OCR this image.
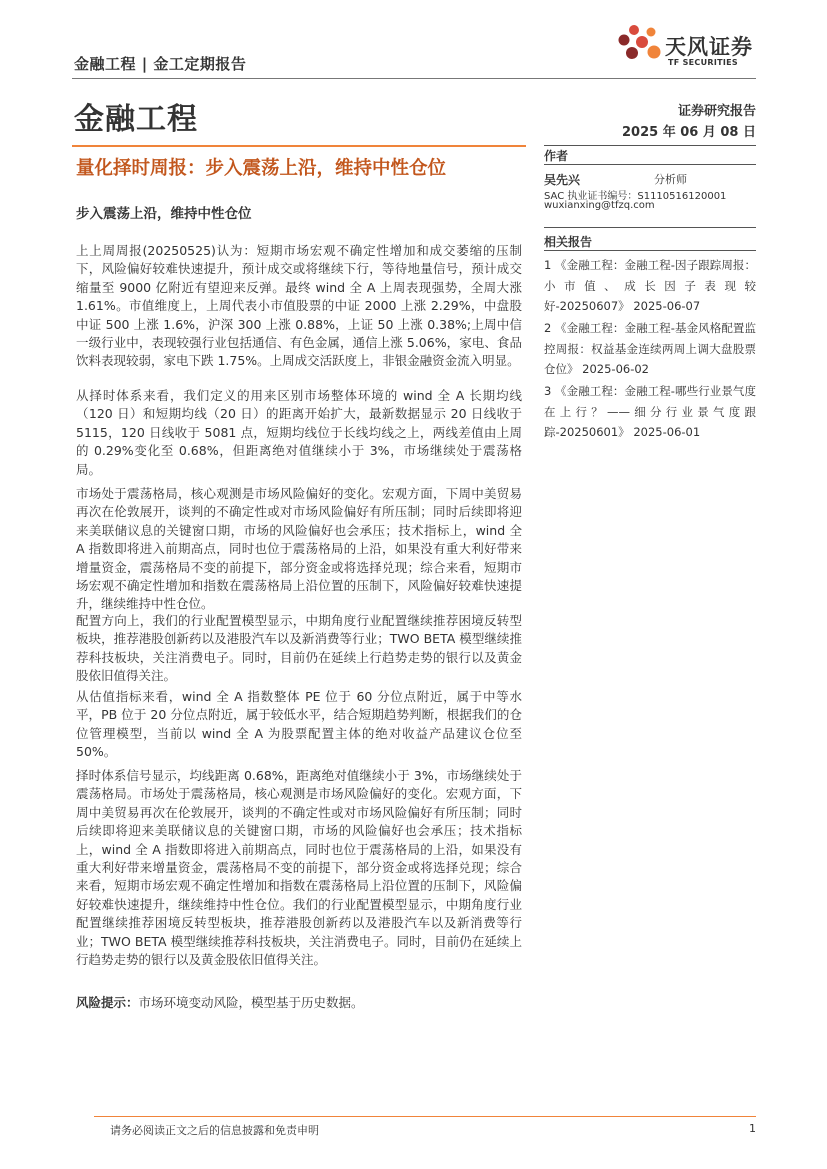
金融工程 | 金工定期报告
天风证券
TF SECURITIES
金融工程	证券研究报告
2025 年 06 月 08 日
量化择时周报：步入震荡上沿，维持中性仓位
步入震荡上沿，维持中性仓位

上上周周报(20250525)认为：短期市场宏观不确定性增加和成交萎缩的压制下，风险偏好较难快速提升，预计成交或将继续下行，等待地量信号，预计成交缩量至 9000 亿附近有望迎来反弹。最终 wind 全 A 上周表现强势，全周大涨 1.61%。市值维度上，上周代表小市值股票的中证 2000 上涨 2.29%，中盘股中证 500 上涨 1.6%，沪深 300 上涨 0.88%，上证 50 上涨 0.38%;上周中信一级行业中，表现较强行业包括通信、有色金属，通信上涨 5.06%，家电、食品饮料表现较弱，家电下跌 1.75%。上周成交活跃度上，非银金融资金流入明显。

从择时体系来看，我们定义的用来区别市场整体环境的 wind 全 A 长期均线（120 日）和短期均线（20 日）的距离开始扩大，最新数据显示 20 日线收于 5115，120 日线收于 5081 点，短期均线位于长线均线之上，两线差值由上周的 0.29%变化至 0.68%，但距离绝对值继续小于 3%，市场继续处于震荡格局。

市场处于震荡格局，核心观测是市场风险偏好的变化。宏观方面，下周中美贸易再次在伦敦展开，谈判的不确定性或对市场风险偏好有所压制；同时后续即将迎来美联储议息的关键窗口期，市场的风险偏好也会承压；技术指标上，wind 全 A 指数即将进入前期高点，同时也位于震荡格局的上沿，如果没有重大利好带来增量资金，震荡格局不变的前提下，部分资金或将选择兑现；综合来看，短期市场宏观不确定性增加和指数在震荡格局上沿位置的压制下，风险偏好较难快速提升，继续维持中性仓位。

配置方向上，我们的行业配置模型显示，中期角度行业配置继续推荐困境反转型板块，推荐港股创新药以及港股汽车以及新消费等行业；TWO BETA 模型继续推荐科技板块，关注消费电子。同时，目前仍在延续上行趋势走势的银行以及黄金股依旧值得关注。

从估值指标来看，wind 全 A 指数整体 PE 位于 60 分位点附近，属于中等水平，PB 位于 20 分位点附近，属于较低水平，结合短期趋势判断，根据我们的仓位管理模型，当前以 wind 全 A 为股票配置主体的绝对收益产品建议仓位至 50%。

择时体系信号显示，均线距离 0.68%，距离绝对值继续小于 3%，市场继续处于震荡格局。市场处于震荡格局，核心观测是市场风险偏好的变化。宏观方面，下周中美贸易再次在伦敦展开，谈判的不确定性或对市场风险偏好有所压制；同时后续即将迎来美联储议息的关键窗口期，市场的风险偏好也会承压；技术指标上，wind 全 A 指数即将进入前期高点，同时也位于震荡格局的上沿，如果没有重大利好带来增量资金，震荡格局不变的前提下，部分资金或将选择兑现；综合来看，短期市场宏观不确定性增加和指数在震荡格局上沿位置的压制下，风险偏好较难快速提升，继续维持中性仓位。我们的行业配置模型显示，中期角度行业配置继续推荐困境反转型板块，推荐港股创新药以及港股汽车以及新消费等行业；TWO BETA 模型继续推荐科技板块，关注消费电子。同时，目前仍在延续上行趋势走势的银行以及黄金股依旧值得关注。

风险提示：市场环境变动风险，模型基于历史数据。
作者
吴先兴	分析师
SAC 执业证书编号：S1110516120001
wuxianxing@tfzq.com
相关报告

1 《金融工程：金融工程-因子跟踪周报：小市值、成长因子表现较好-20250607》 2025-06-07

2 《金融工程：金融工程-基金风格配置监控周报：权益基金连续两周上调大盘股票仓位》 2025-06-02

3 《金融工程：金融工程-哪些行业景气度在上行？——细分行业景气度跟踪-20250601》 2025-06-01

请务必阅读正文之后的信息披露和免责申明	1
